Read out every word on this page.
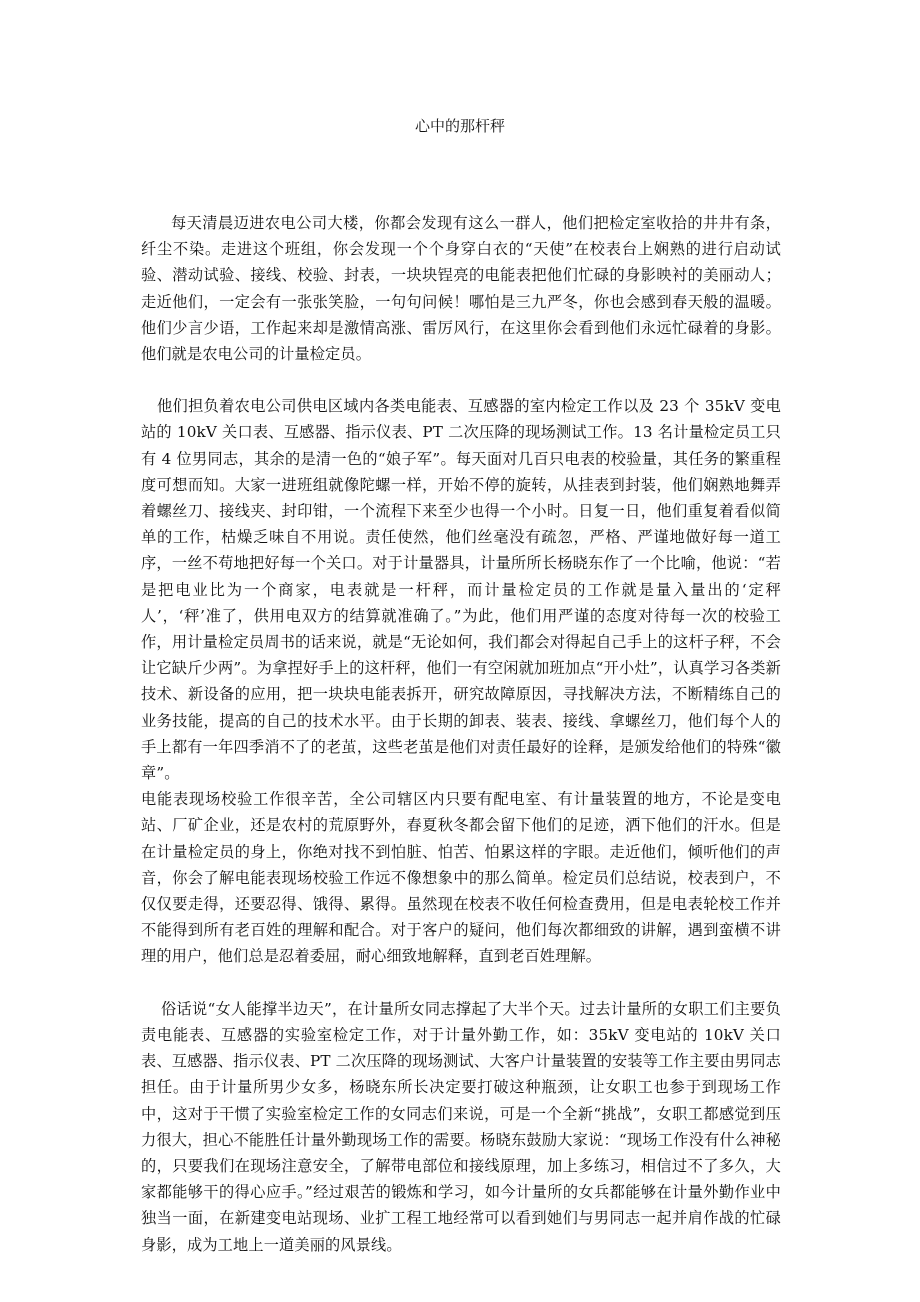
心中的那杆秤

每天清晨迈进农电公司大楼，你都会发现有这么一群人，他们把检定室收拾的井井有条，纤尘不染。走进这个班组，你会发现一个个身穿白衣的“天使”在校表台上娴熟的进行启动试验、潜动试验、接线、校验、封表，一块块锃亮的电能表把他们忙碌的身影映衬的美丽动人；走近他们，一定会有一张张笑脸，一句句问候！哪怕是三九严冬，你也会感到春天般的温暖。他们少言少语，工作起来却是激情高涨、雷厉风行，在这里你会看到他们永远忙碌着的身影。他们就是农电公司的计量检定员。

他们担负着农电公司供电区域内各类电能表、互感器的室内检定工作以及 23 个 35kV 变电站的 10kV 关口表、互感器、指示仪表、PT 二次压降的现场测试工作。13 名计量检定员工只有 4 位男同志，其余的是清一色的“娘子军”。每天面对几百只电表的校验量，其任务的繁重程度可想而知。大家一进班组就像陀螺一样，开始不停的旋转，从挂表到封装，他们娴熟地舞弄着螺丝刀、接线夹、封印钳，一个流程下来至少也得一个小时。日复一日，他们重复着看似简单的工作，枯燥乏味自不用说。责任使然，他们丝毫没有疏忽，严格、严谨地做好每一道工序，一丝不苟地把好每一个关口。对于计量器具，计量所所长杨晓东作了一个比喻，他说：“若是把电业比为一个商家，电表就是一杆秤，而计量检定员的工作就是量入量出的‘定秤人’，‘秤’准了，供用电双方的结算就准确了。”为此，他们用严谨的态度对待每一次的校验工作，用计量检定员周书的话来说，就是“无论如何，我们都会对得起自己手上的这杆子秤，不会让它缺斤少两”。为拿捏好手上的这杆秤，他们一有空闲就加班加点“开小灶”，认真学习各类新技术、新设备的应用，把一块块电能表拆开，研究故障原因，寻找解决方法，不断精练自己的业务技能，提高的自己的技术水平。由于长期的卸表、装表、接线、拿螺丝刀，他们每个人的手上都有一年四季消不了的老茧，这些老茧是他们对责任最好的诠释，是颁发给他们的特殊“徽章”。

电能表现场校验工作很辛苦，全公司辖区内只要有配电室、有计量装置的地方，不论是变电站、厂矿企业，还是农村的荒原野外，春夏秋冬都会留下他们的足迹，洒下他们的汗水。但是在计量检定员的身上，你绝对找不到怕脏、怕苦、怕累这样的字眼。走近他们，倾听他们的声音，你会了解电能表现场校验工作远不像想象中的那么简单。检定员们总结说，校表到户，不仅仅要走得，还要忍得、饿得、累得。虽然现在校表不收任何检查费用，但是电表轮校工作并不能得到所有老百姓的理解和配合。对于客户的疑问，他们每次都细致的讲解，遇到蛮横不讲理的用户，他们总是忍着委屈，耐心细致地解释，直到老百姓理解。

俗话说“女人能撑半边天”，在计量所女同志撑起了大半个天。过去计量所的女职工们主要负责电能表、互感器的实验室检定工作，对于计量外勤工作，如：35kV 变电站的 10kV 关口表、互感器、指示仪表、PT 二次压降的现场测试、大客户计量装置的安装等工作主要由男同志担任。由于计量所男少女多，杨晓东所长决定要打破这种瓶颈，让女职工也参于到现场工作中，这对于干惯了实验室检定工作的女同志们来说，可是一个全新“挑战”，女职工都感觉到压力很大，担心不能胜任计量外勤现场工作的需要。杨晓东鼓励大家说：“现场工作没有什么神秘的，只要我们在现场注意安全，了解带电部位和接线原理，加上多练习，相信过不了多久，大家都能够干的得心应手。”经过艰苦的锻炼和学习，如今计量所的女兵都能够在计量外勤作业中独当一面，在新建变电站现场、业扩工程工地经常可以看到她们与男同志一起并肩作战的忙碌身影，成为工地上一道美丽的风景线。
